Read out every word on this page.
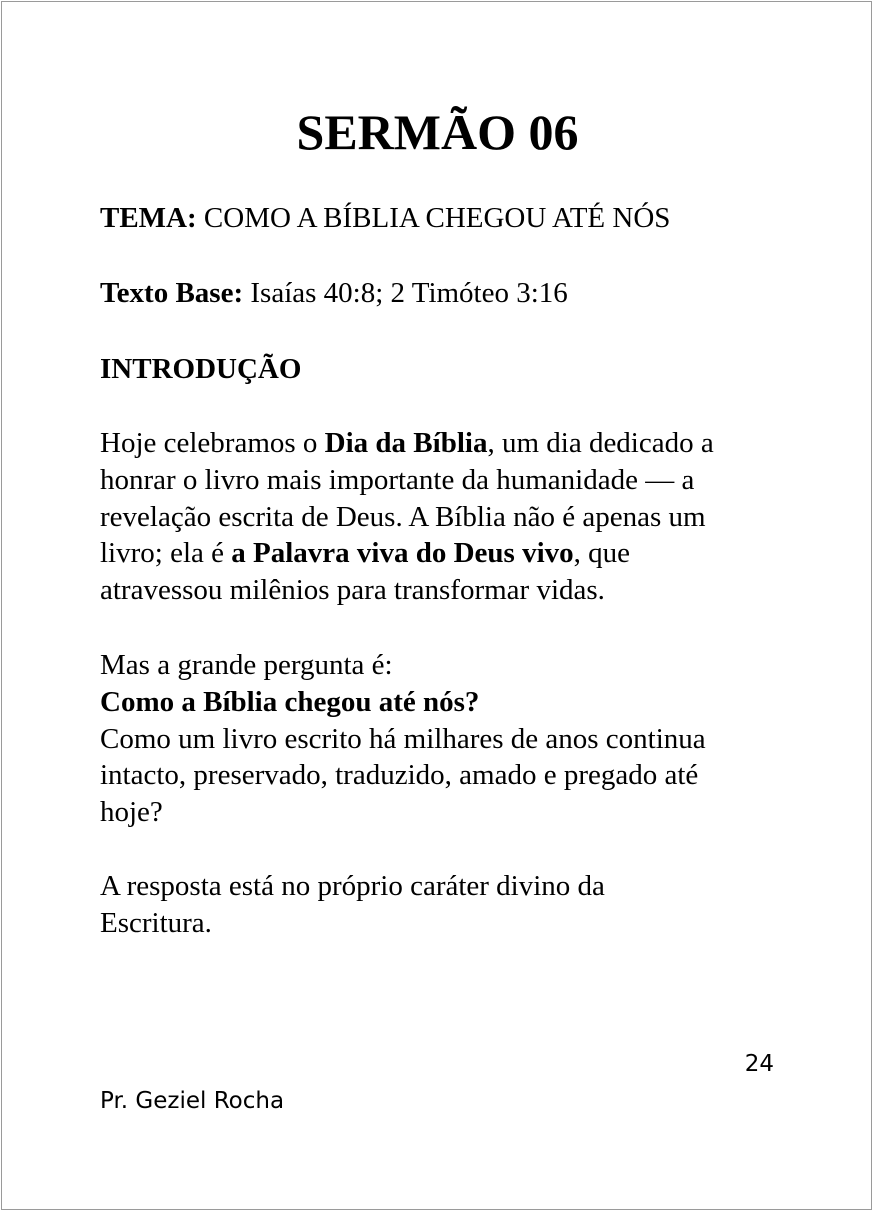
SERMÃO 06

TEMA: COMO A BÍBLIA CHEGOU ATÉ NÓS

Texto Base: Isaías 40:8; 2 Timóteo 3:16

INTRODUÇÃO

Hoje celebramos o Dia da Bíblia, um dia dedicado a
honrar o livro mais importante da humanidade — a
revelação escrita de Deus. A Bíblia não é apenas um
livro; ela é a Palavra viva do Deus vivo, que
atravessou milênios para transformar vidas.
Mas a grande pergunta é:
Como a Bíblia chegou até nós?
Como um livro escrito há milhares de anos continua
intacto, preservado, traduzido, amado e pregado até
hoje?
A resposta está no próprio caráter divino da
Escritura.

24

Pr. Geziel Rocha
